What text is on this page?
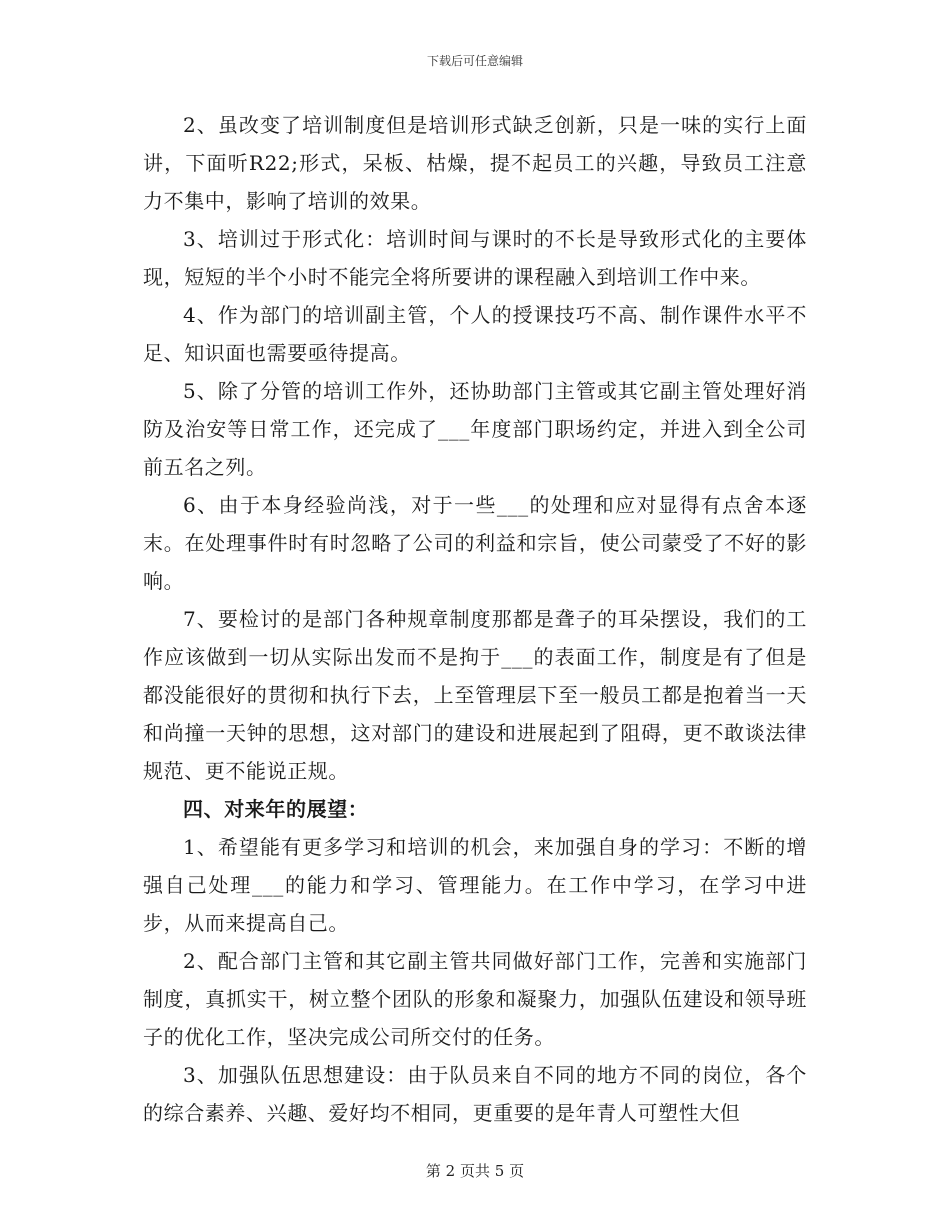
下载后可任意编辑

2、虽改变了培训制度但是培训形式缺乏创新，只是一味的实行上面讲，下面听R22;形式，呆板、枯燥，提不起员工的兴趣，导致员工注意力不集中，影响了培训的效果。

3、培训过于形式化：培训时间与课时的不长是导致形式化的主要体现，短短的半个小时不能完全将所要讲的课程融入到培训工作中来。

4、作为部门的培训副主管，个人的授课技巧不高、制作课件水平不足、知识面也需要亟待提高。

5、除了分管的培训工作外，还协助部门主管或其它副主管处理好消防及治安等日常工作，还完成了___年度部门职场约定，并进入到全公司前五名之列。

6、由于本身经验尚浅，对于一些___的处理和应对显得有点舍本逐末。在处理事件时有时忽略了公司的利益和宗旨，使公司蒙受了不好的影响。

7、要检讨的是部门各种规章制度那都是聋子的耳朵摆设，我们的工作应该做到一切从实际出发而不是拘于___的表面工作，制度是有了但是都没能很好的贯彻和执行下去，上至管理层下至一般员工都是抱着当一天和尚撞一天钟的思想，这对部门的建设和进展起到了阻碍，更不敢谈法律规范、更不能说正规。

四、对来年的展望：

1、希望能有更多学习和培训的机会，来加强自身的学习：不断的增强自己处理___的能力和学习、管理能力。在工作中学习，在学习中进步，从而来提高自己。

2、配合部门主管和其它副主管共同做好部门工作，完善和实施部门制度，真抓实干，树立整个团队的形象和凝聚力，加强队伍建设和领导班子的优化工作，坚决完成公司所交付的任务。

3、加强队伍思想建设：由于队员来自不同的地方不同的岗位，各个的综合素养、兴趣、爱好均不相同，更重要的是年青人可塑性大但

第 2 页共 5 页
